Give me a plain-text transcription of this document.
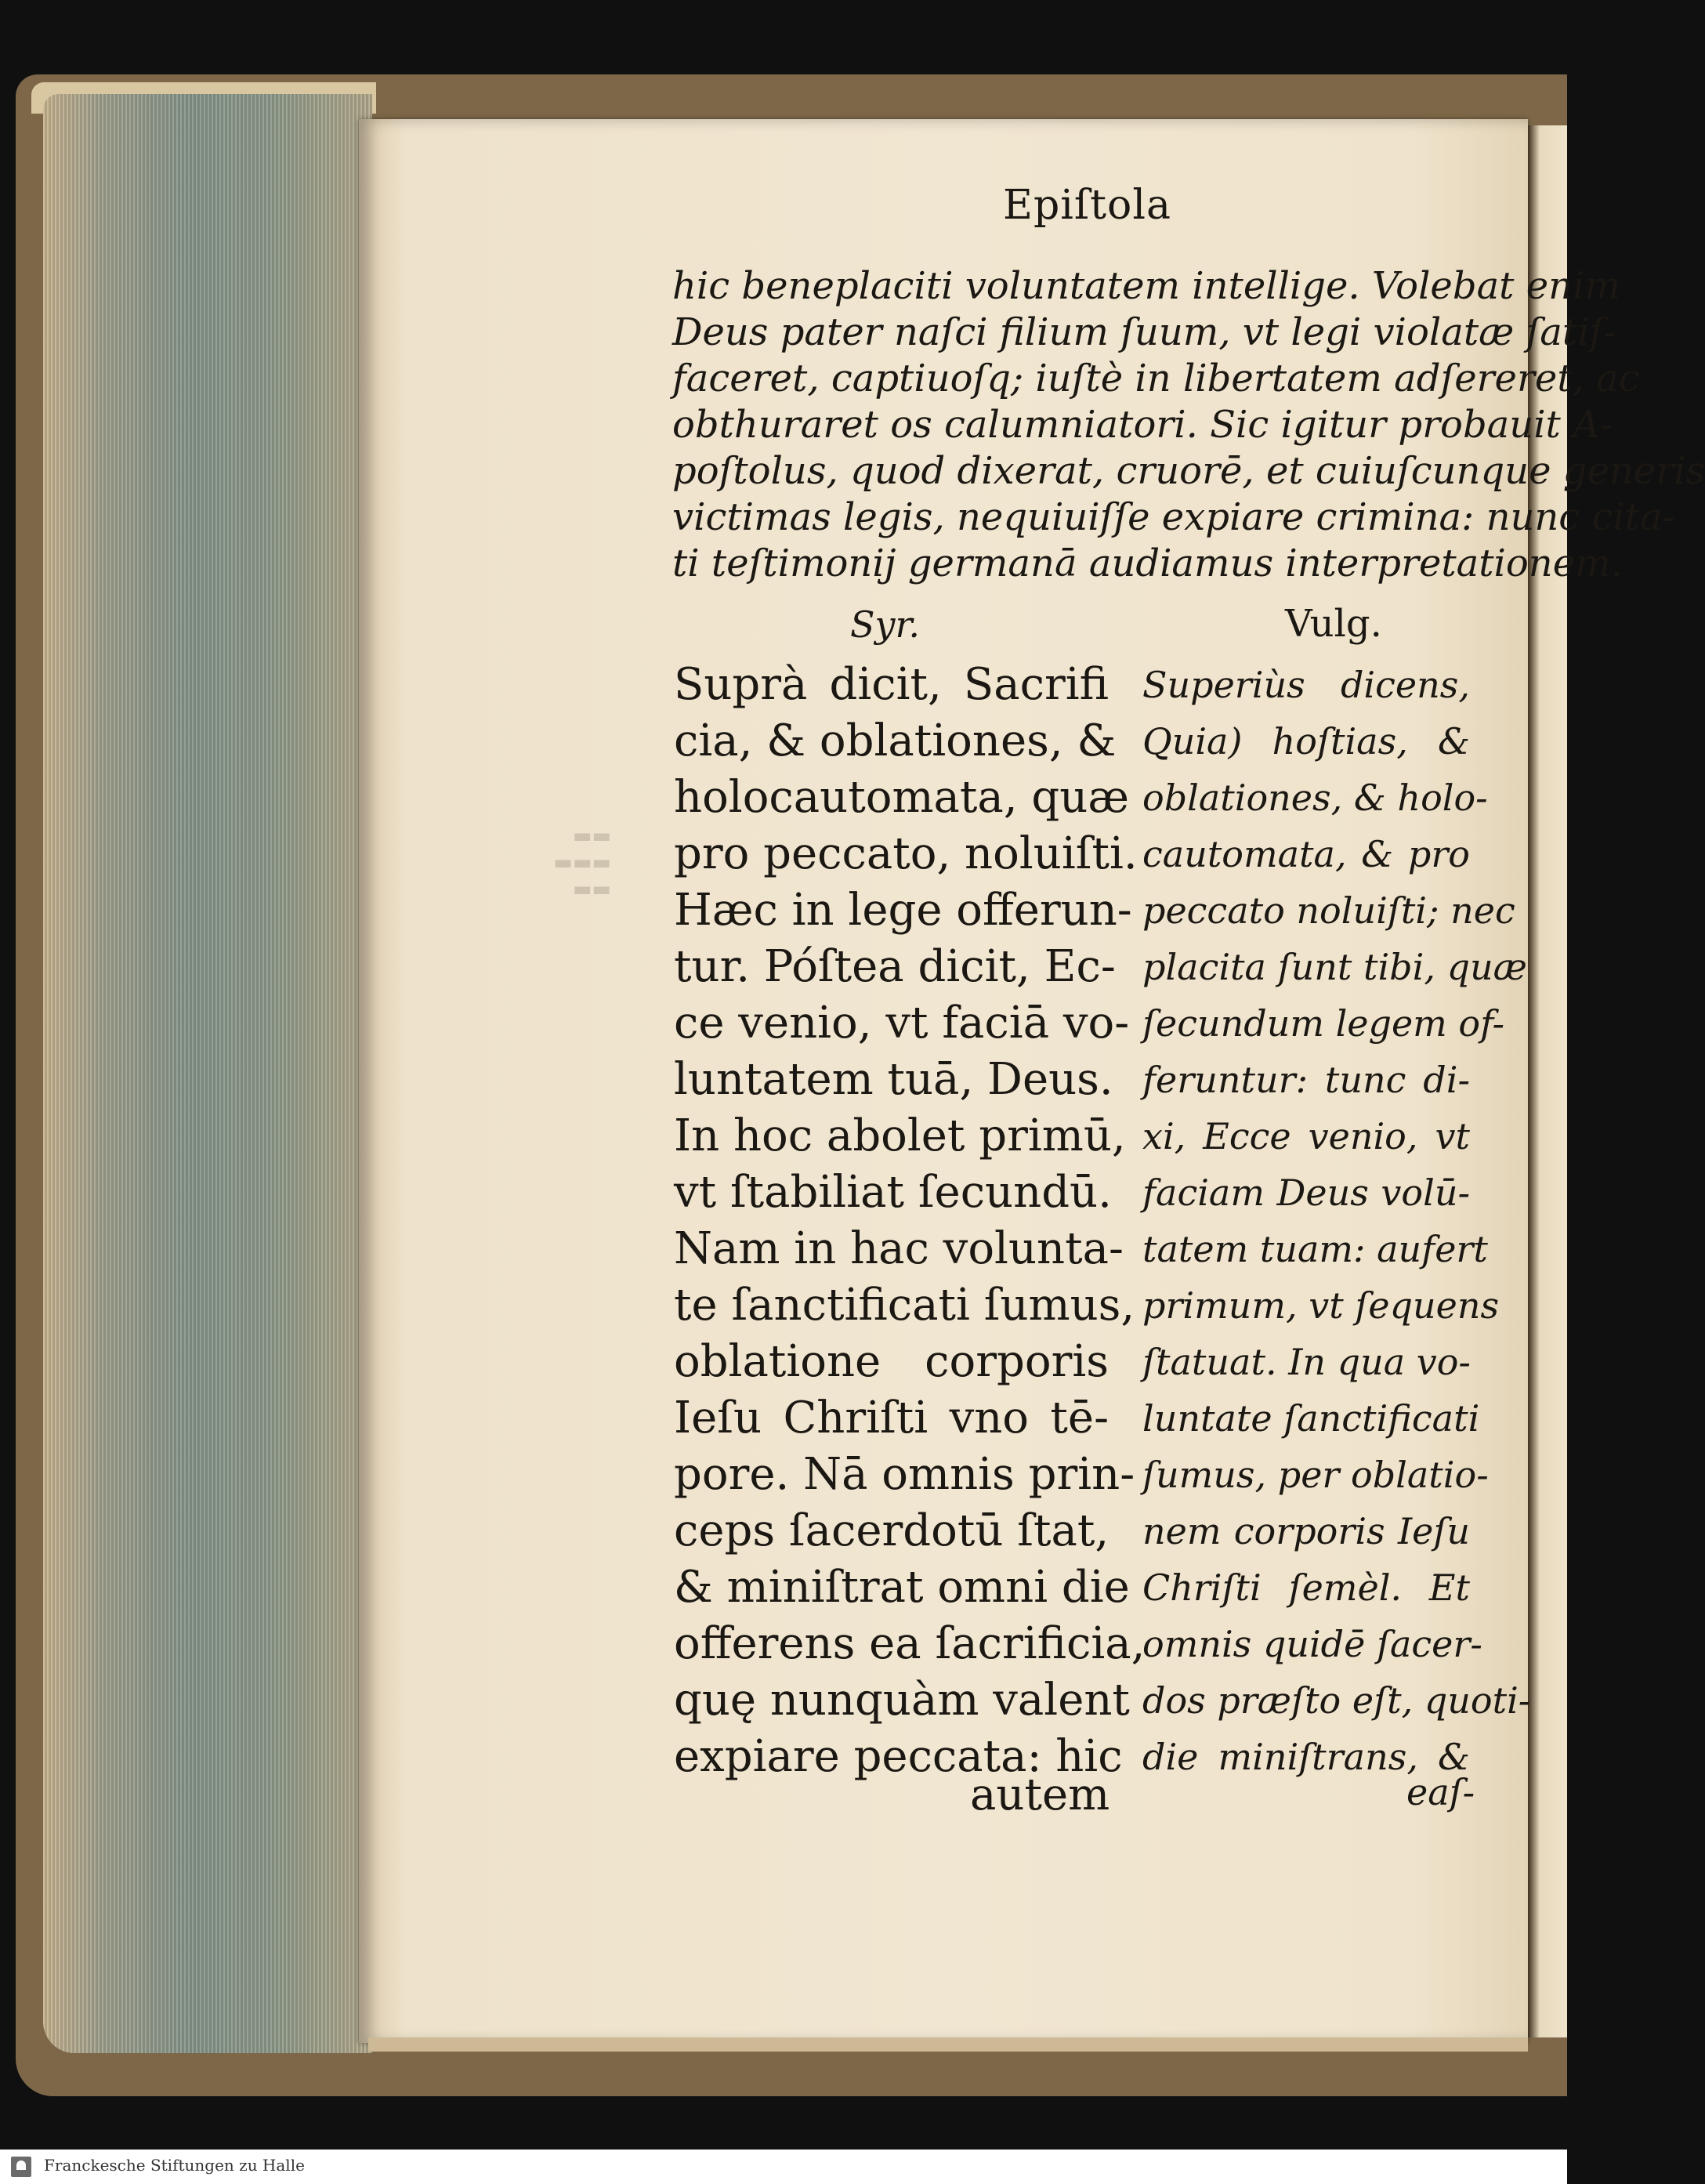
▬▬
▬▬▬
▬▬
Epiſtola
hic beneplaciti voluntatem intellige. Volebat enim
Deus pater naſci filium ſuum, vt legi violatæ ſatiſ-
faceret, captiuoſq; iuſtè in libertatem adſereret, ac
obthuraret os calumniatori. Sic igitur probauit A-
poſtolus, quod dixerat, cruorē, et cuiuſcunque generis
victimas legis, nequiuiſſe expiare crimina: nunc cita-
ti teſtimonij germanā audiamus interpretationem.
Syr.	Vulg.
Suprà dicit, Sacrifi
cia, & oblationes, &
holocautomata, quæ
pro peccato, noluiſti.
Hæc in lege offerun-
tur. Póſtea dicit, Ec-
ce venio, vt faciā vo-
luntatem tuā, Deus.
In hoc abolet primū,
vt ſtabiliat ſecundū.
Nam in hac volunta-
te ſanctificati ſumus,
oblatione corporis
Ieſu Chriſti vno tē-
pore. Nā omnis prin-
ceps ſacerdotū ſtat,
& miniſtrat omni die
offerens ea ſacrificia,
quę nunquàm valent
expiare peccata: hic
autem
Superiùs dicens,
Quia) hoſtias, &
oblationes, & holo-
cautomata, & pro
peccato noluiſti; nec
placita ſunt tibi, quæ
ſecundum legem of-
feruntur: tunc di-
xi, Ecce venio, vt
faciam Deus volū-
tatem tuam: aufert
primum, vt ſequens
ſtatuat. In qua vo-
luntate ſanctificati
ſumus, per oblatio-
nem corporis Ieſu
Chriſti ſemèl. Et
omnis quidē ſacer-
dos præſto eſt, quoti-
die miniſtrans, &
eaſ-
Franckesche Stiftungen zu Halle
